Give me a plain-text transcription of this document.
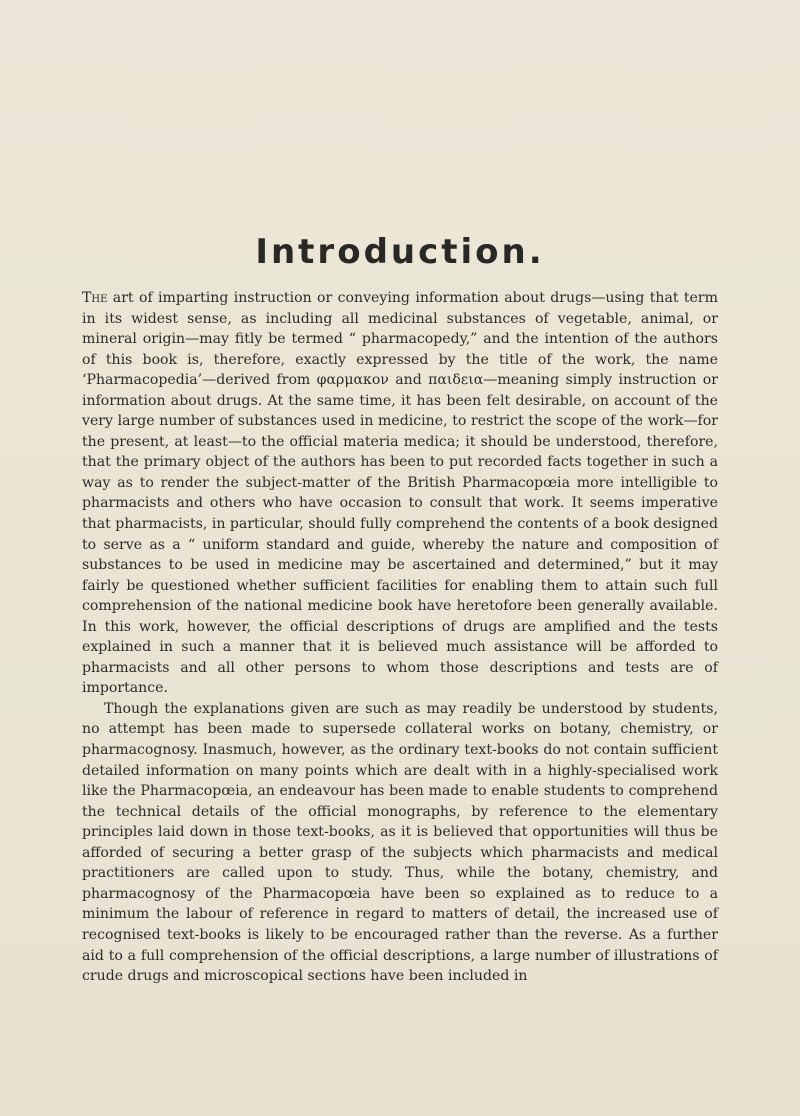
Introduction.

The art of imparting instruction or conveying information about drugs—using that term in its widest sense, as including all medicinal substances of vegetable, animal, or mineral origin—may fitly be termed “ pharmacopedy,” and the intention of the authors of this book is, therefore, exactly expressed by the title of the work, the name ‘Pharmacopedia’—derived from φαρμακον and παιδεια—meaning simply instruction or information about drugs. At the same time, it has been felt desirable, on account of the very large number of substances used in medicine, to restrict the scope of the work—for the present, at least—to the official materia medica; it should be understood, therefore, that the primary object of the authors has been to put recorded facts together in such a way as to render the subject-matter of the British Pharmacopœia more intelligible to pharmacists and others who have occasion to consult that work. It seems imperative that pharmacists, in particular, should fully comprehend the contents of a book designed to serve as a “ uniform standard and guide, whereby the nature and composition of substances to be used in medicine may be ascertained and determined,” but it may fairly be questioned whether sufficient facilities for enabling them to attain such full comprehension of the national medicine book have heretofore been generally available. In this work, however, the official descriptions of drugs are amplified and the tests explained in such a manner that it is believed much assistance will be afforded to pharmacists and all other persons to whom those descriptions and tests are of importance.

Though the explanations given are such as may readily be understood by students, no attempt has been made to supersede collateral works on botany, chemistry, or pharmacognosy. Inasmuch, however, as the ordinary text-books do not contain sufficient detailed information on many points which are dealt with in a highly-specialised work like the Pharmacopœia, an endeavour has been made to enable students to comprehend the technical details of the official monographs, by reference to the elementary principles laid down in those text-books, as it is believed that opportunities will thus be afforded of securing a better grasp of the subjects which pharmacists and medical practitioners are called upon to study. Thus, while the botany, chemistry, and pharmacognosy of the Pharmacopœia have been so explained as to reduce to a minimum the labour of reference in regard to matters of detail, the increased use of recognised text-books is likely to be encouraged rather than the reverse. As a further aid to a full comprehension of the official descriptions, a large number of illustrations of crude drugs and microscopical sections have been included in
